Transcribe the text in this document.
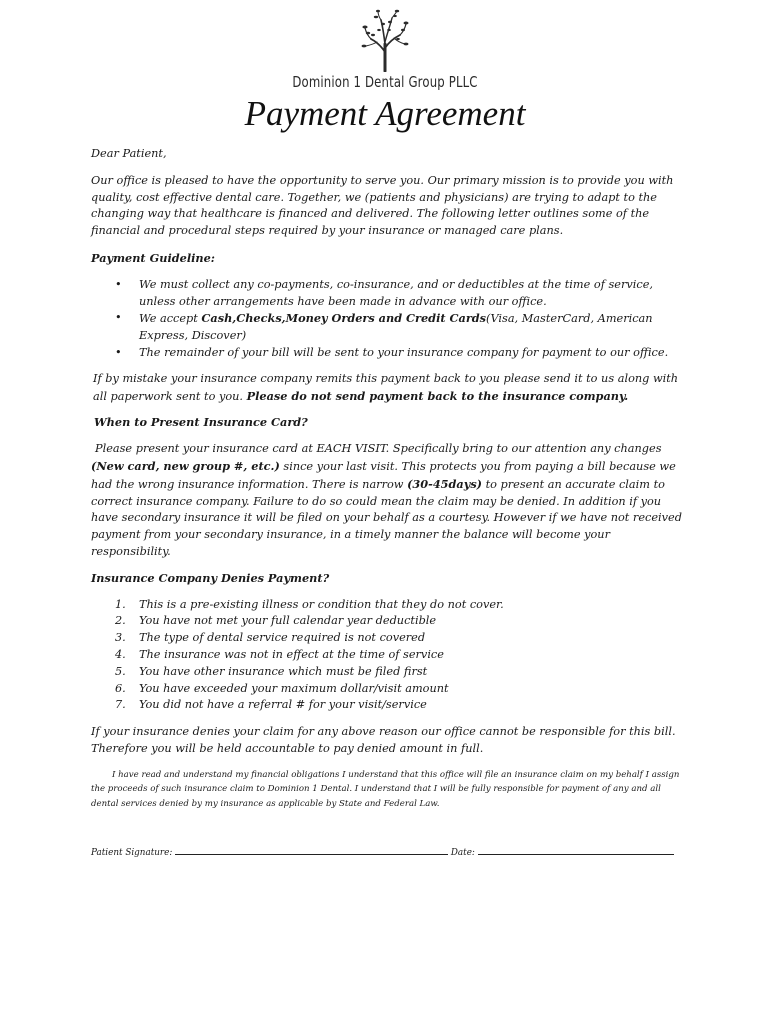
Dominion 1 Dental Group PLLC
Payment Agreement

Dear Patient,

Our office is pleased to have the opportunity to serve you. Our primary mission is to provide you with quality, cost effective dental care. Together, we (patients and physicians) are trying to adapt to the changing way that healthcare is financed and delivered. The following letter outlines some of the financial and procedural steps required by your insurance or managed care plans.

Payment Guideline:

• We must collect any co-payments, co-insurance, and or deductibles at the time of service, unless other arrangements have been made in advance with our office.
• We accept Cash,Checks,Money Orders and Credit Cards(Visa, MasterCard, American Express, Discover)
• The remainder of your bill will be sent to your insurance company for payment to our office.

If by mistake your insurance company remits this payment back to you please send it to us along with all paperwork sent to you. Please do not send payment back to the insurance company.

When to Present Insurance Card?

Please present your insurance card at EACH VISIT. Specifically bring to our attention any changes (New card, new group #, etc.) since your last visit. This protects you from paying a bill because we had the wrong insurance information. There is narrow (30-45days) to present an accurate claim to correct insurance company. Failure to do so could mean the claim may be denied. In addition if you have secondary insurance it will be filed on your behalf as a courtesy. However if we have not received payment from your secondary insurance, in a timely manner the balance will become your responsibility.

Insurance Company Denies Payment?

1. This is a pre-existing illness or condition that they do not cover.
2. You have not met your full calendar year deductible
3. The type of dental service required is not covered
4. The insurance was not in effect at the time of service
5. You have other insurance which must be filed first
6. You have exceeded your maximum dollar/visit amount
7. You did not have a referral # for your visit/service

If your insurance denies your claim for any above reason our office cannot be responsible for this bill. Therefore you will be held accountable to pay denied amount in full.

I have read and understand my financial obligations I understand that this office will file an insurance claim on my behalf I assign the proceeds of such insurance claim to Dominion 1 Dental. I understand that I will be fully responsible for payment of any and all dental services denied by my insurance as applicable by State and Federal Law.

Patient Signature:	Date:
